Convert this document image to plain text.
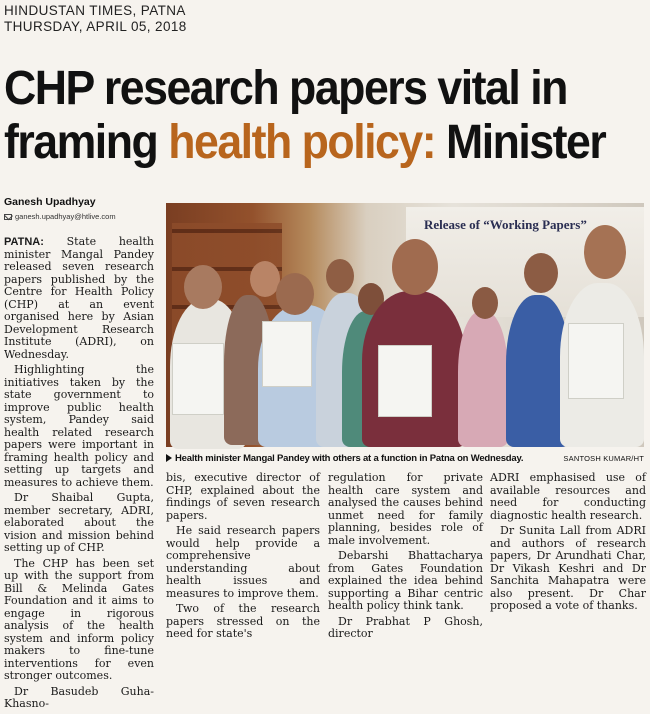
HINDUSTAN TIMES, PATNA
THURSDAY, APRIL 05, 2018
CHP research papers vital in
framing health policy: Minister
Ganesh Upadhyay
ganesh.upadhyay@htlive.com

PATNA: State health minister Mangal Pandey released seven research papers published by the Centre for Health Policy (CHP) at an event organised here by Asian Development Research Institute (ADRI), on Wednesday.

Highlighting the initiatives taken by the state government to improve public health system, Pandey said health related research papers were important in framing health policy and setting up targets and measures to achieve them.

Dr Shaibal Gupta, member secretary, ADRI, elaborated about the vision and mission behind setting up of CHP.

The CHP has been set up with the support from Bill & Melinda Gates Foundation and it aims to engage in rigorous analysis of the health system and inform policy makers to fine-tune interventions for even stronger outcomes.

Dr Basudeb Guha-Khasno-

Release of “Working Papers”
Health minister Mangal Pandey with others at a function in Patna on Wednesday.	SANTOSH KUMAR/HT

bis, executive director of CHP, explained about the findings of seven research papers.

He said research papers would help provide a comprehensive understanding about health issues and measures to improve them.

Two of the research papers stressed on the need for state's

regulation for private health care system and analysed the causes behind unmet need for family planning, besides role of male involvement.

Debarshi Bhattacharya from Gates Foundation explained the idea behind supporting a Bihar centric health policy think tank.

Dr Prabhat P Ghosh, director

ADRI emphasised use of available resources and need for conducting diagnostic health research.

Dr Sunita Lall from ADRI and authors of research papers, Dr Arundhati Char, Dr Vikash Keshri and Dr Sanchita Mahapatra were also present. Dr Char proposed a vote of thanks.
